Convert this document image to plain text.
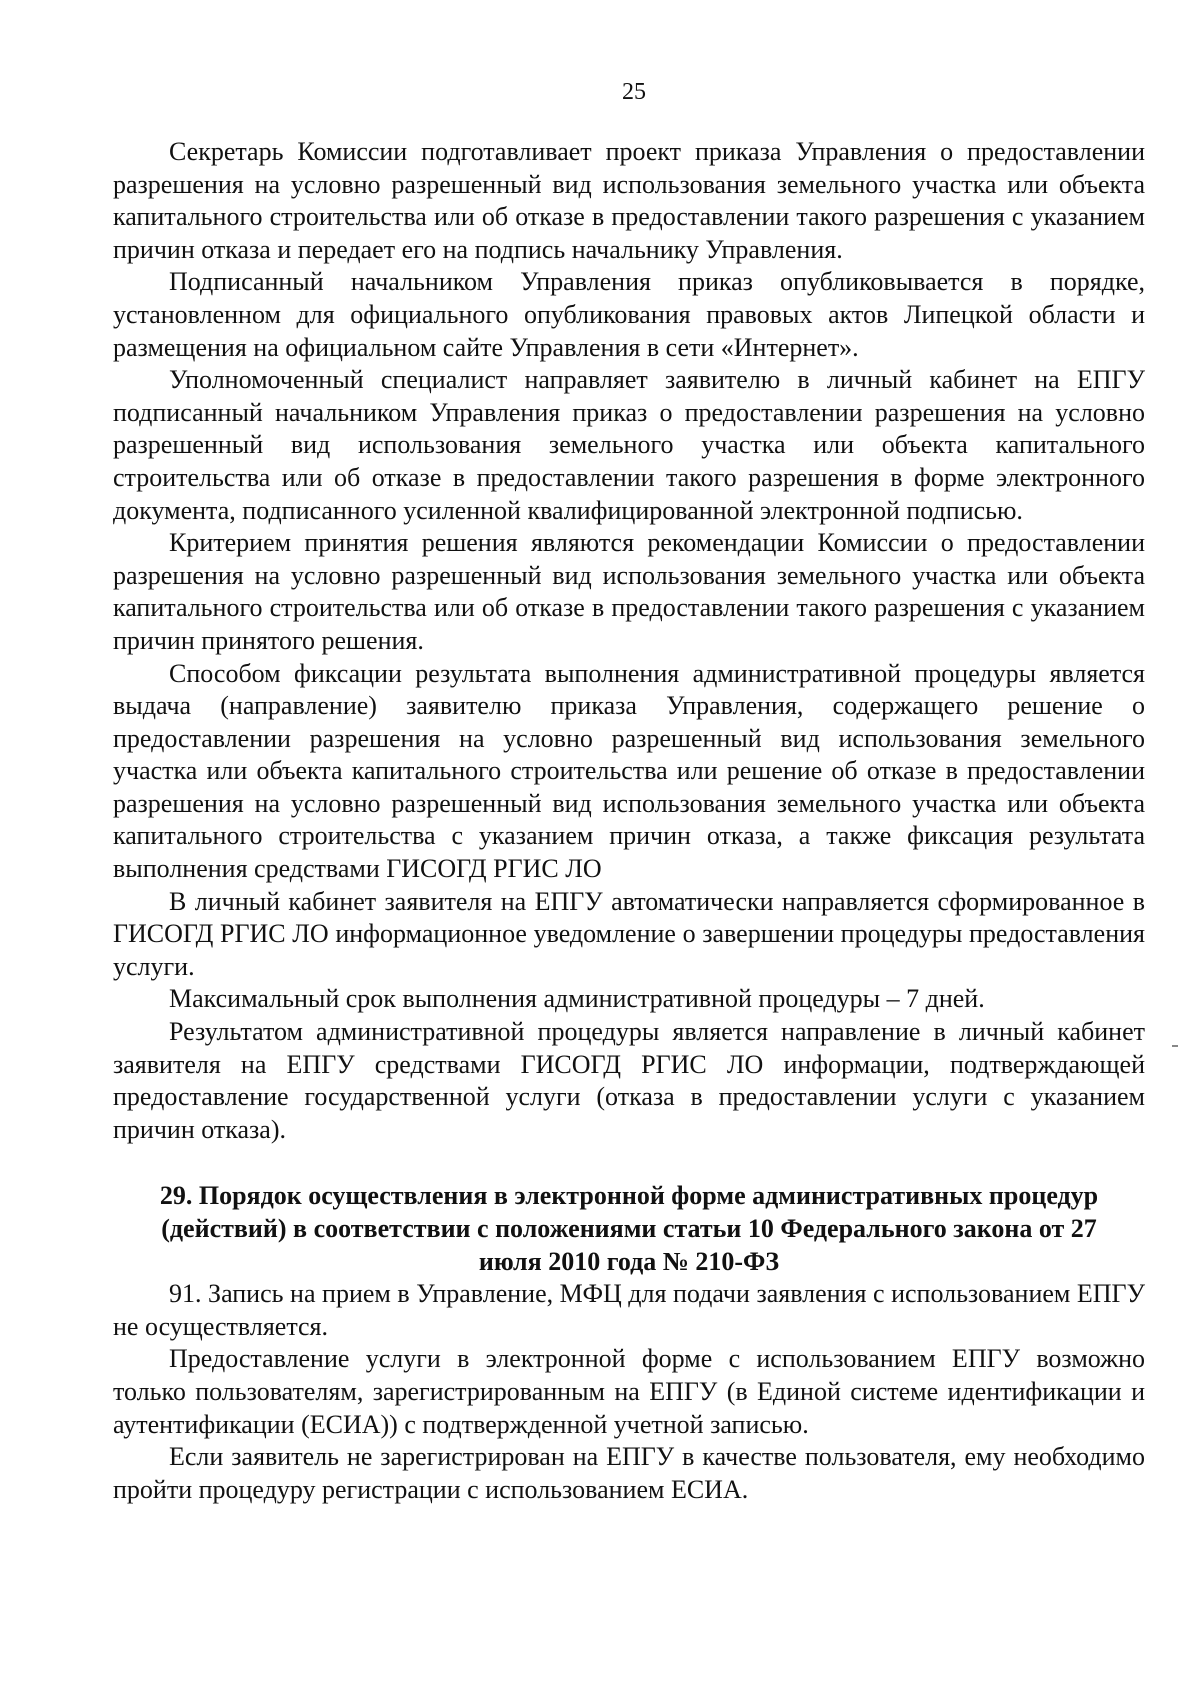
25

Секретарь Комиссии подготавливает проект приказа Управления о предоставлении разрешения на условно разрешенный вид использования земельного участка или объекта капитального строительства или об отказе в предоставлении такого разрешения с указанием причин отказа и передает его на подпись начальнику Управления.

Подписанный начальником Управления приказ опубликовывается в порядке, установленном для официального опубликования правовых актов Липецкой области и размещения на официальном сайте Управления в сети «Интернет».

Уполномоченный специалист направляет заявителю в личный кабинет на ЕПГУ подписанный начальником Управления приказ о предоставлении разрешения на условно разрешенный вид использования земельного участка или объекта капитального строительства или об отказе в предоставлении такого разрешения в форме электронного документа, подписанного усиленной квалифицированной электронной подписью.

Критерием принятия решения являются рекомендации Комиссии о предоставлении разрешения на условно разрешенный вид использования земельного участка или объекта капитального строительства или об отказе в предоставлении такого разрешения с указанием причин принятого решения.

Способом фиксации результата выполнения административной процедуры является выдача (направление) заявителю приказа Управления, содержащего решение о предоставлении разрешения на условно разрешенный вид использования земельного участка или объекта капитального строительства или решение об отказе в предоставлении разрешения на условно разрешенный вид использования земельного участка или объекта капитального строительства с указанием причин отказа, а также фиксация результата выполнения средствами ГИСОГД РГИС ЛО

В личный кабинет заявителя на ЕПГУ автоматически направляется сформированное в ГИСОГД РГИС ЛО информационное уведомление о завершении процедуры предоставления услуги.

Максимальный срок выполнения административной процедуры – 7 дней.

Результатом административной процедуры является направление в личный кабинет заявителя на ЕПГУ средствами ГИСОГД РГИС ЛО информации, подтверждающей предоставление государственной услуги (отказа в предоставлении услуги с указанием причин отказа).

29. Порядок осуществления в электронной форме административных процедур (действий) в соответствии с положениями статьи 10 Федерального закона от 27 июля 2010 года № 210-ФЗ

91. Запись на прием в Управление, МФЦ для подачи заявления с использованием ЕПГУ не осуществляется.

Предоставление услуги в электронной форме с использованием ЕПГУ возможно только пользователям, зарегистрированным на ЕПГУ (в Единой системе идентификации и аутентификации (ЕСИА)) с подтвержденной учетной записью.

Если заявитель не зарегистрирован на ЕПГУ в качестве пользователя, ему необходимо пройти процедуру регистрации с использованием ЕСИА.
